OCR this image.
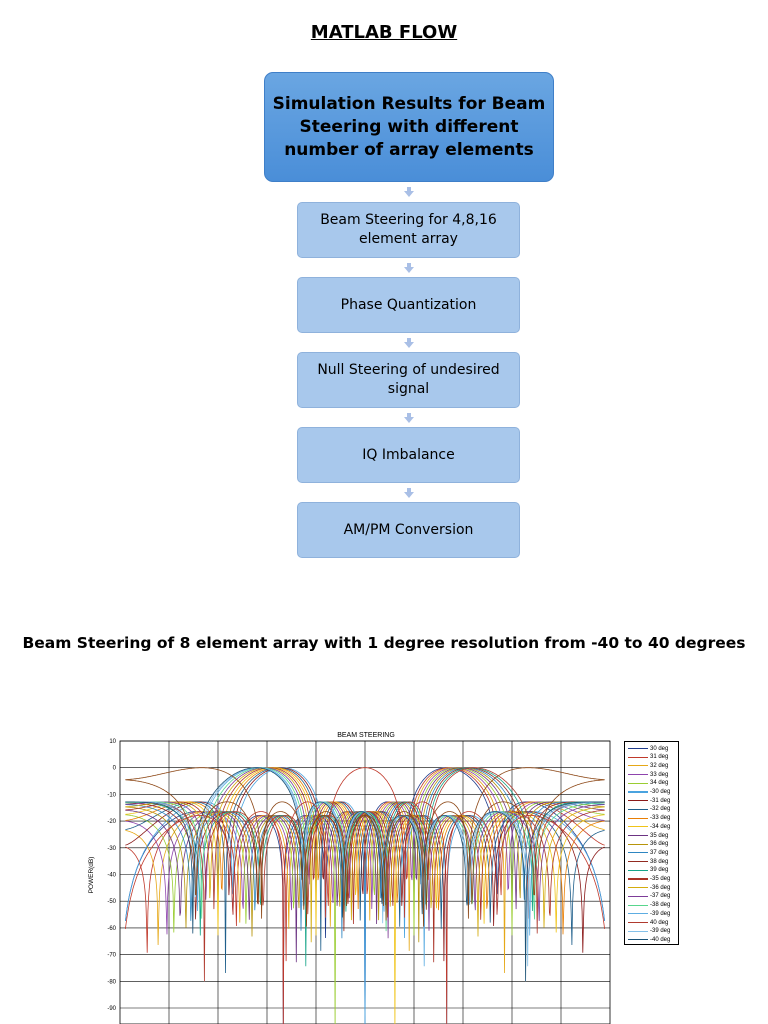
MATLAB FLOW
Simulation Results for Beam Steering with different number of array elements
Beam Steering for 4,8,16 element array
Phase Quantization
Null Steering of undesired signal
IQ Imbalance
AM/PM Conversion
Beam Steering of 8 element array with 1 degree resolution from -40 to 40 degrees
BEAM STEERING
POWER(dB)
10
0
-10
-20
-30
-40
-50
-60
-70
-80
-90
30 deg
31 deg
32 deg
33 deg
34 deg
-30 deg
-31 deg
-32 deg
-33 deg
-34 deg
35 deg
36 deg
37 deg
38 deg
39 deg
-35 deg
-36 deg
-37 deg
-38 deg
-39 deg
40 deg
-39 deg
-40 deg
